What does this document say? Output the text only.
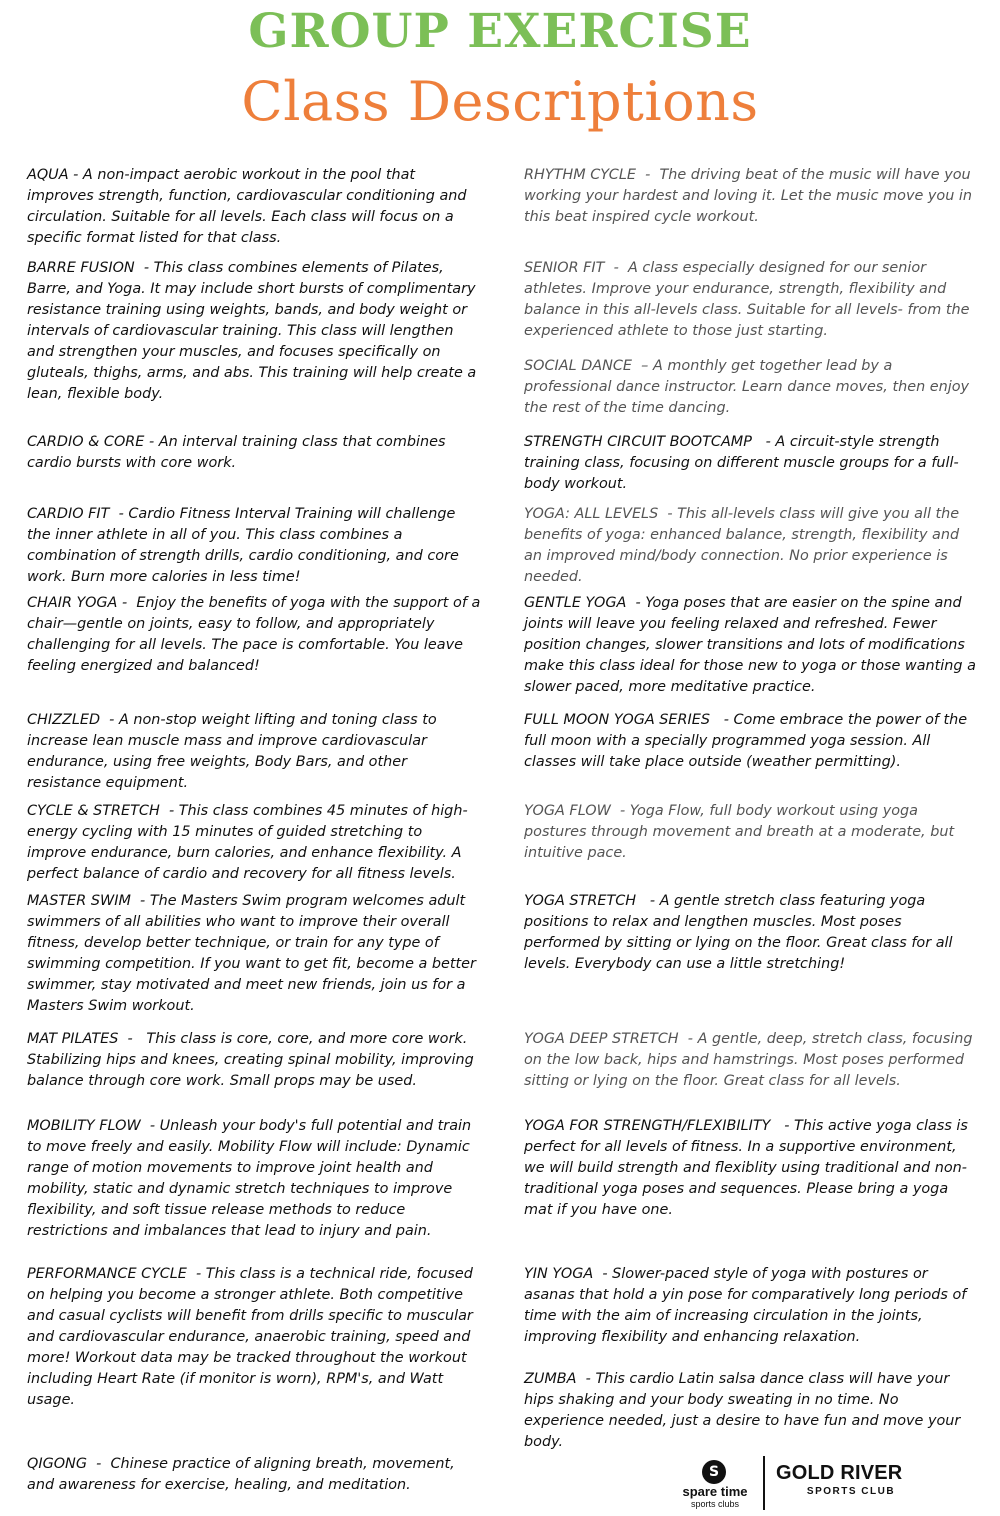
GROUP EXERCISE
Class Descriptions

AQUA - A non-impact aerobic workout in the pool that improves strength, function, cardiovascular conditioning and circulation. Suitable for all levels. Each class will focus on a specific format listed for that class.

BARRE FUSION  - This class combines elements of Pilates, Barre, and Yoga. It may include short bursts of complimentary resistance training using weights, bands, and body weight or intervals of cardiovascular training. This class will lengthen and strengthen your muscles, and focuses specifically on gluteals, thighs, arms, and abs. This training will help create a lean, flexible body.

CARDIO & CORE - An interval training class that combines cardio bursts with core work.

CARDIO FIT  - Cardio Fitness Interval Training will challenge the inner athlete in all of you. This class combines a combination of strength drills, cardio conditioning, and core work. Burn more calories in less time!

CHAIR YOGA -  Enjoy the benefits of yoga with the support of a chair—gentle on joints, easy to follow, and appropriately challenging for all levels. The pace is comfortable. You leave feeling energized and balanced!

CHIZZLED  - A non-stop weight lifting and toning class to increase lean muscle mass and improve cardiovascular endurance, using free weights, Body Bars, and other resistance equipment.

CYCLE & STRETCH  - This class combines 45 minutes of high-energy cycling with 15 minutes of guided stretching to improve endurance, burn calories, and enhance flexibility. A perfect balance of cardio and recovery for all fitness levels.

MASTER SWIM  - The Masters Swim program welcomes adult swimmers of all abilities who want to improve their overall fitness, develop better technique, or train for any type of swimming competition. If you want to get fit, become a better swimmer, stay motivated and meet new friends, join us for a Masters Swim workout.

MAT PILATES  -   This class is core, core, and more core work. Stabilizing hips and knees, creating spinal mobility, improving balance through core work. Small props may be used.

MOBILITY FLOW  - Unleash your body's full potential and train to move freely and easily. Mobility Flow will include: Dynamic range of motion movements to improve joint health and mobility, static and dynamic stretch techniques to improve flexibility, and soft tissue release methods to reduce restrictions and imbalances that lead to injury and pain.

PERFORMANCE CYCLE  - This class is a technical ride, focused on helping you become a stronger athlete. Both competitive and casual cyclists will benefit from drills specific to muscular and cardiovascular endurance, anaerobic training, speed and more! Workout data may be tracked throughout the workout including Heart Rate (if monitor is worn), RPM's, and Watt usage.

QIGONG  -  Chinese practice of aligning breath, movement, and awareness for exercise, healing, and meditation.

RHYTHM CYCLE  -  The driving beat of the music will have you working your hardest and loving it. Let the music move you in this beat inspired cycle workout.

SENIOR FIT  -  A class especially designed for our senior athletes. Improve your endurance, strength, flexibility and balance in this all-levels class. Suitable for all levels- from the experienced athlete to those just starting.

SOCIAL DANCE  – A monthly get together lead by a professional dance instructor. Learn dance moves, then enjoy the rest of the time dancing.

STRENGTH CIRCUIT BOOTCAMP   - A circuit-style strength training class, focusing on different muscle groups for a full-body workout.

YOGA: ALL LEVELS  - This all-levels class will give you all the benefits of yoga: enhanced balance, strength, flexibility and an improved mind/body connection. No prior experience is needed.

GENTLE YOGA  - Yoga poses that are easier on the spine and joints will leave you feeling relaxed and refreshed. Fewer position changes, slower transitions and lots of modifications make this class ideal for those new to yoga or those wanting a slower paced, more meditative practice.

FULL MOON YOGA SERIES   - Come embrace the power of the full moon with a specially programmed yoga session. All classes will take place outside (weather permitting).

YOGA FLOW  - Yoga Flow, full body workout using yoga postures through movement and breath at a moderate, but intuitive pace.

YOGA STRETCH   - A gentle stretch class featuring yoga positions to relax and lengthen muscles. Most poses performed by sitting or lying on the floor. Great class for all levels. Everybody can use a little stretching!

YOGA DEEP STRETCH  - A gentle, deep, stretch class, focusing on the low back, hips and hamstrings. Most poses performed sitting or lying on the floor. Great class for all levels.

YOGA FOR STRENGTH/FLEXIBILITY   - This active yoga class is perfect for all levels of fitness. In a supportive environment, we will build strength and flexiblity using traditional and non-traditional yoga poses and sequences. Please bring a yoga mat if you have one.

YIN YOGA  - Slower-paced style of yoga with postures or asanas that hold a yin pose for comparatively long periods of time with the aim of increasing circulation in the joints, improving flexibility and enhancing relaxation.

ZUMBA  - This cardio Latin salsa dance class will have your hips shaking and your body sweating in no time. No experience needed, just a desire to have fun and move your body.

S
spare time
sports clubs
GOLD RIVER
SPORTS CLUB
